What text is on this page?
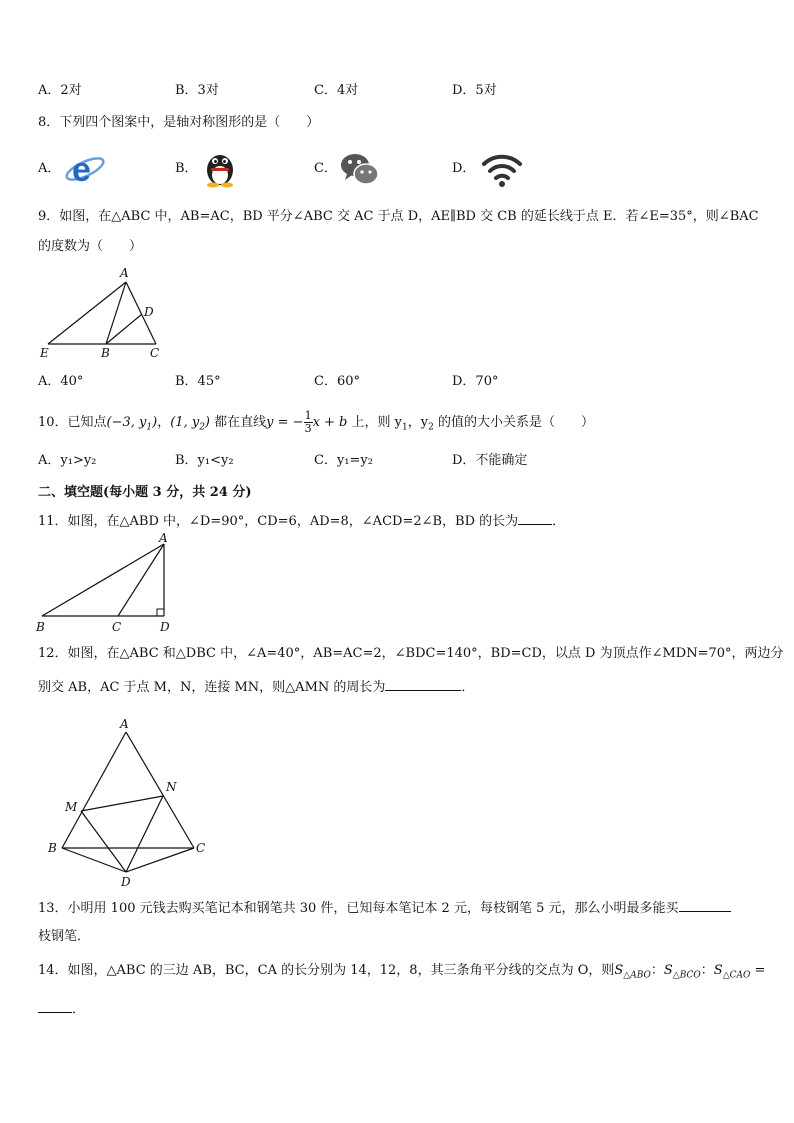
A．2对	B．3对	C．4对	D．5对
8．下列四个图案中，是轴对称图形的是（　　）
A．	B．	C．	D．
e
9．如图，在△ABC 中，AB=AC，BD 平分∠ABC 交 AC 于点 D，AE∥BD 交 CB 的延长线于点 E．若∠E=35°，则∠BAC
的度数为（　　）
A
D
E	B	C
A．40°	B．45°	C．60°	D．70°
10．已知点(−3, $y_1$)，(1, $y_2$) 都在直线y = − $\frac{1}{3}$ x + b 上，则 $y_1$，$y_2$ 的值的大小关系是（　　）
A．y₁>y₂	B．y₁<y₂	C．y₁=y₂	D．不能确定
二、填空题(每小题 3 分，共 24 分)
11．如图，在△ABD 中，∠D=90°，CD=6，AD=8，∠ACD=2∠B，BD 的长为	．
A
B	C	D
12．如图，在△ABC 和△DBC 中，∠A=40°，AB=AC=2，∠BDC=140°，BD=CD，以点 D 为顶点作∠MDN=70°，两边分
别交 AB，AC 于点 M，N，连接 MN，则△AMN 的周长为	．
A
M
N
B	C
D
13．小明用 100 元钱去购买笔记本和钢笔共 30 件，已知每本笔记本 2 元，每枝钢笔 5 元，那么小明最多能买
枝钢笔．
14．如图，△ABC 的三边 AB，BC，CA 的长分别为 14，12，8，其三条角平分线的交点为 O，则$S_{\triangle ABO}$：$S_{\triangle BCO}$：$S_{\triangle CAO}$ =
．
